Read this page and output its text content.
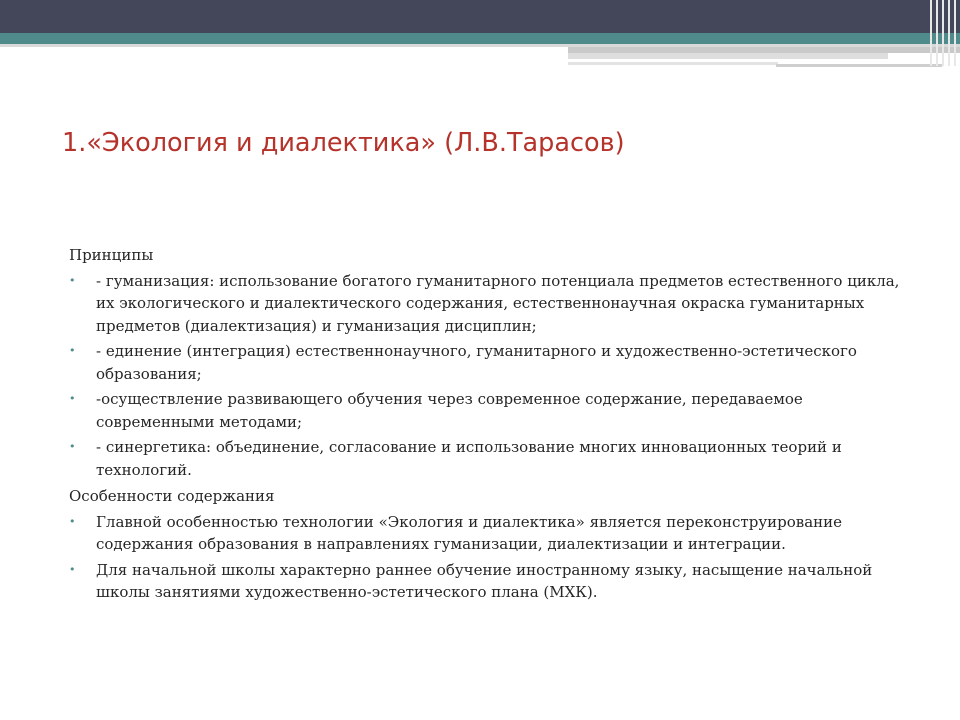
1.«Экология и диалектика» (Л.В.Тарасов)
Принципы
• - гуманизация: использование богатого гуманитарного потенциала предметов естественного цикла, их экологического и диалектического содержания, естественнонаучная окраска гуманитарных предметов (диалектизация) и гуманизация дисциплин;
• - единение (интеграция) естественнонаучного, гуманитарного и художественно-эстетического образования;
• -осуществление развивающего обучения через современное содержание, передаваемое современными методами;
• - синергетика: объединение, согласование и использование многих инновационных теорий и технологий.
Особенности содержания
• Главной особенностью технологии «Экология и диалектика» является переконструирование содержания образования в направлениях гуманизации, диалектизации и интеграции.
• Для начальной школы характерно раннее обучение иностранному языку, насыщение начальной школы занятиями художественно-эстетического плана (МХК).
